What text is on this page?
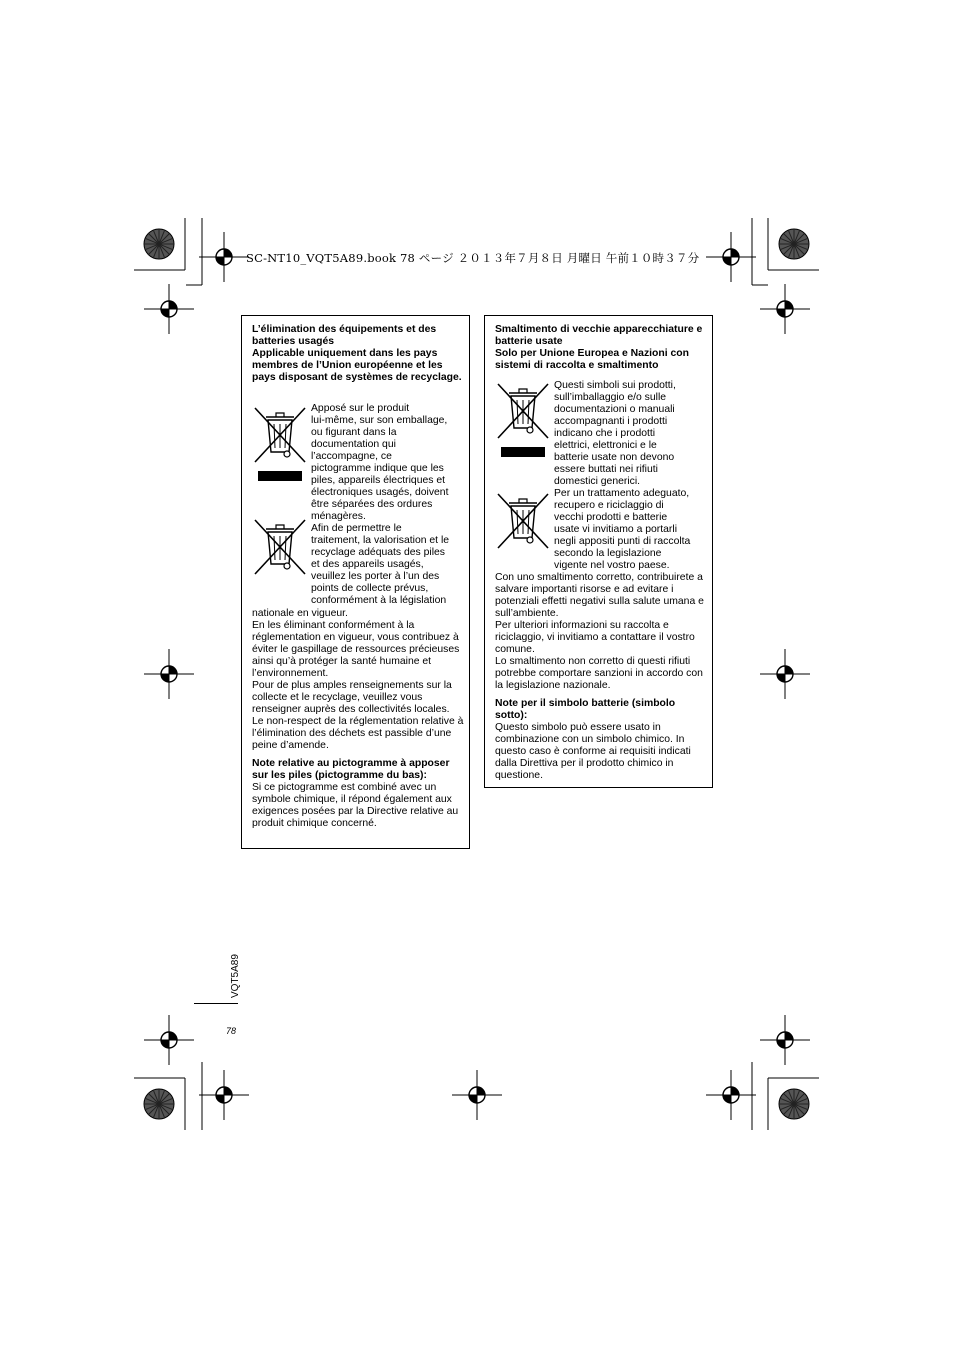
SC-NT10_VQT5A89.book 78 ページ ２０１３年７月８日 月曜日 午前１０時３７分

L’élimination des équipements et des batteries usagés

Applicable uniquement dans les pays membres de l’Union européenne et les pays disposant de systèmes de recyclage.

Apposé sur le produit
lui-même, sur son emballage,
ou figurant dans la
documentation qui
l’accompagne, ce
pictogramme indique que les
piles, appareils électriques et
électroniques usagés, doivent
être séparées des ordures
ménagères.
Afin de permettre le
traitement, la valorisation et le
recyclage adéquats des piles
et des appareils usagés,
veuillez les porter à l’un des
points de collecte prévus,
conformément à la législation

nationale en vigueur.

En les éliminant conformément à la réglementation en vigueur, vous contribuez à éviter le gaspillage de ressources précieuses ainsi qu’à protéger la santé humaine et l’environnement.

Pour de plus amples renseignements sur la collecte et le recyclage, veuillez vous renseigner auprès des collectivités locales.

Le non-respect de la réglementation relative à l’élimination des déchets est passible d’une peine d’amende.

Note relative au pictogramme à apposer sur les piles (pictogramme du bas):

Si ce pictogramme est combiné avec un symbole chimique, il répond également aux exigences posées par la Directive relative au produit chimique concerné.

Smaltimento di vecchie apparecchiature e batterie usate

Solo per Unione Europea e Nazioni con sistemi di raccolta e smaltimento

Questi simboli sui prodotti,
sull’imballaggio e/o sulle
documentazioni o manuali
accompagnanti i prodotti
indicano che i prodotti
elettrici, elettronici e le
batterie usate non devono
essere buttati nei rifiuti
domestici generici.
Per un trattamento adeguato,
recupero e riciclaggio di
vecchi prodotti e batterie
usate vi invitiamo a portarli
negli appositi punti di raccolta
secondo la legislazione
vigente nel vostro paese.

Con uno smaltimento corretto, contribuirete a salvare importanti risorse e ad evitare i potenziali effetti negativi sulla salute umana e sull’ambiente.

Per ulteriori informazioni su raccolta e riciclaggio, vi invitiamo a contattare il vostro comune.

Lo smaltimento non corretto di questi rifiuti potrebbe comportare sanzioni in accordo con la legislazione nazionale.

Note per il simbolo batterie (simbolo sotto):

Questo simbolo può essere usato in combinazione con un simbolo chimico. In questo caso è conforme ai requisiti indicati dalla Direttiva per il prodotto chimico in questione.

VQT5A89
78
